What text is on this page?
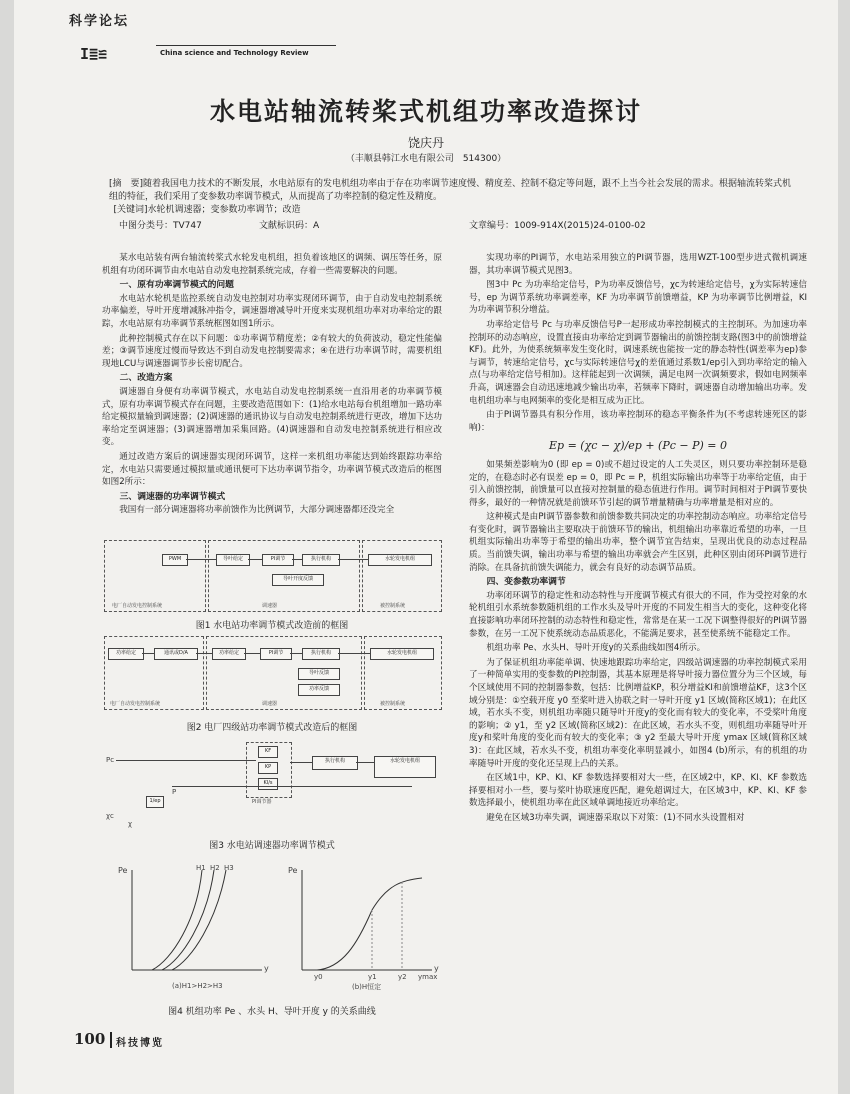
科学论坛
I≣≌	China science and Technology Review
水电站轴流转桨式机组功率改造探讨
饶庆丹
（丰顺县韩江水电有限公司　514300）

[摘　要]随着我国电力技术的不断发展，水电站原有的发电机组功率由于存在功率调节速度慢、精度差、控制不稳定等问题，跟不上当今社会发展的需求。根据轴流转桨式机组的特征，我们采用了变参数功率调节模式，从而提高了功率控制的稳定性及精度。

[关键词]水轮机调速器；变参数功率调节；改造

中图分类号：TV747	文献标识码：A	文章编号：1009-914X(2015)24-0100-02

某水电站装有两台轴流转桨式水轮发电机组，担负着该地区的调频、调压等任务，原机组有功闭环调节由水电站自动发电控制系统完成，存着一些需要解决的问题。

一、原有功率调节模式的问题

水电站水轮机是监控系统自动发电控制对功率实现闭环调节，由于自动发电控制系统功率偏差，导叶开度增减脉冲指令，调速器增减导叶开度来实现机组功率对功率给定的跟踪，水电站原有功率调节系统框图如图1所示。

此种控制模式存在以下问题：①功率调节精度差；②有较大的负荷波动，稳定性能偏差；③调节速度过慢而导致达不到自动发电控制要需求；④在进行功率调节时，需要机组现地LCU与调速器调节步长密切配合。

二、改造方案

调速器自身便有功率调节模式，水电站自动发电控制系统一直沿用老的功率调节模式，原有功率调节模式存在问题，主要改造范围如下：(1)给水电站每台机组增加一路功率给定模拟量输到调速器；(2)调速器的通讯协议与自动发电控制系统进行更改，增加下达功率给定至调速器；(3)调速器增加采集回路。(4)调速器和自动发电控制系统进行相应改变。

通过改造方案后的调速器实现闭环调节，这样一来机组功率能达到始终跟踪功率给定，水电站只需要通过模拟量或通讯便可下达功率调节指令，功率调节模式改造后的框图如图2所示：

三、调速器的功率调节模式

我国有一部分调速器将功率前馈作为比例调节，大部分调速器都还没完全

PWM	导叶给定	PI调节	执行机构	水轮发电机组
导叶开度反馈
电厂自动发电控制系统	调速器	被控制系统
图1 水电站功率调节模式改造前的框图
功率给定	通讯或D/A	功率给定	PI调节	执行机构	水轮发电机组
导叶反馈
功率反馈
电厂自动发电控制系统	调速器	被控制系统
图2 电厂四级站功率调节模式改造后的框图
Pc
P
χc
χ
KF
KP
KI/s
PI调节器
执行机构	水轮发电机组
1/ep
图3 水电站调速器功率调节模式
Pe
y
H1 H2 H3	Pe
y
y0	y1	y2 ymax
(a)H1>H2>H3	(b)H恒定
图4 机组功率 Pe 、水头 H、导叶开度 y 的关系曲线

实现功率的PI调节，水电站采用独立的PI调节器，选用WZT-100型步进式微机调速器，其功率调节模式见图3。

图3中 Pc 为功率给定信号，P为功率反馈信号，χc为转速给定信号，χ为实际转速信号，ep 为调节系统功率调差率，KF 为功率调节前馈增益，KP 为功率调节比例增益，KI 为功率调节积分增益。

功率给定信号 Pc 与功率反馈信号P一起形成功率控制模式的主控制环。为加速功率控制环的动态响应，设置直接由功率给定到调节器输出的前馈控制支路(图3中的前馈增益KF)。此外，为使系统频率发生变化时，调速系统也能按一定的静态特性(调差率为ep)参与调节，转速给定信号，χc与实际转速信号χ的差值通过系数1/ep引入到功率给定的输入点(与功率给定信号相加)。这样能起到一次调频，满足电网一次调频要求，假如电网频率升高，调速器会自动迅速地减少输出功率，若频率下降时，调速器自动增加输出功率。发电机组功率与电网频率的变化是相互成为正比。

由于PI调节器具有积分作用，该功率控制环的稳态平衡条件为(不考虑转速死区的影响)：

Ep = (χc − χ)/ep + (Pc − P) = 0

如果频差影响为0 (即 ep = 0)或不超过设定的人工失灵区，则只要功率控制环是稳定的，在稳态时必有误差 ep = 0，即 Pc = P，机组实际输出功率等于功率给定值，由于引入前馈控制，前馈量可以直接对控制量的稳态值进行作用。调节时间相对于PI调节要快得多，最好的一种情况就是前馈环节引起的调节增量精确与功率增量是相对应的。

这种模式是由PI调节器参数和前馈参数共同决定的功率控制动态响应。功率给定信号有变化时，调节器输出主要取决于前馈环节的输出，机组输出功率靠近希望的功率，一旦机组实际输出功率等于希望的输出功率，整个调节宜告结束，呈现出优良的动态过程品质。当前馈失调，输出功率与希望的输出功率就会产生区别，此种区别由闭环PI调节进行消除。在具备抗前馈失调能力，就会有良好的动态调节品质。

四、变参数功率调节

功率闭环调节的稳定性和动态特性与开度调节模式有很大的不同，作为受控对象的水轮机组引水系统参数随机组的工作水头及导叶开度的不同发生相当大的变化，这种变化将直接影响功率闭环控制的动态特性和稳定性，常常是在某一工况下调整得很好的PI调节器参数，在另一工况下使系统动态品质恶化，不能满足要求，甚至使系统不能稳定工作。

机组功率 Pe、水头H、导叶开度y的关系曲线如图4所示。

为了保证机组功率能单调、快速地跟踪功率给定，四级站调速器的功率控制模式采用了一种简单实用的变参数的PI控制器，其基本原理是将导叶接力器位置分为三个区域，每个区域使用不同的控制器参数，包括：比例增益KP，积分增益KI和前馈增益KF，这3个区域分别是：①空载开度 y0 至桨叶进入协联之时一导叶开度 y1 区域(简称区域1)；在此区域，若水头不变，则机组功率随只随导叶开度y的变化而有较大的变化率，不受桨叶角度的影响；② y1，至 y2 区域(简称区域2)：在此区域，若水头不变，则机组功率随导叶开度y和桨叶角度的变化而有较大的变化率；③ y2 至最大导叶开度 ymax 区域(简称区域3)：在此区域，若水头不变，机组功率变化率明显减小，如图4 (b)所示，有的机组的功率随导叶开度的变化还呈现上凸的关系。

在区域1中，KP、KI、KF 参数选择要相对大一些，在区域2中，KP、KI、KF 参数选择要相对小一些，要与桨叶协联速度匹配，避免超调过大，在区域3中，KP、KI、KF 参数选择最小，使机组功率在此区域单调地接近功率给定。

避免在区域3功率失调，调速器采取以下对策：(1)不同水头设置相对

100 科技博览
